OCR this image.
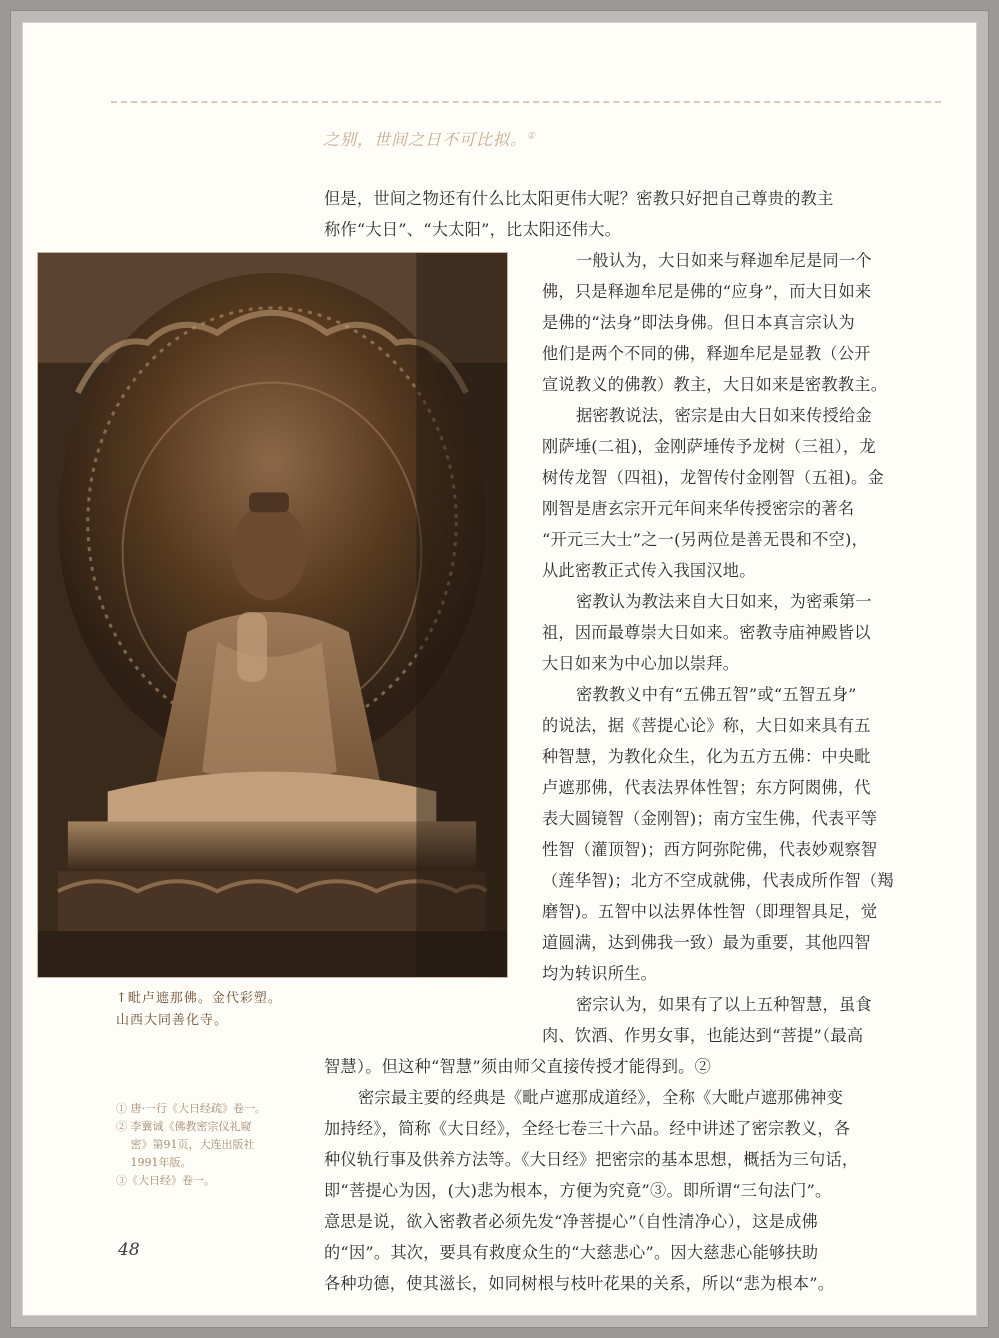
之别，世间之日不可比拟。①
↑毗卢遮那佛。金代彩塑。
山西大同善化寺。
但是，世间之物还有什么比太阳更伟大呢？密教只好把自己尊贵的教主
称作“大日”、“大太阳”，比太阳还伟大。
一般认为，大日如来与释迦牟尼是同一个
佛，只是释迦牟尼是佛的“应身”，而大日如来
是佛的“法身”即法身佛。但日本真言宗认为
他们是两个不同的佛，释迦牟尼是显教（公开
宣说教义的佛教）教主，大日如来是密教教主。
据密教说法，密宗是由大日如来传授给金
刚萨埵(二祖)，金刚萨埵传予龙树（三祖），龙
树传龙智（四祖)，龙智传付金刚智（五祖)。金
刚智是唐玄宗开元年间来华传授密宗的著名
“开元三大士”之一(另两位是善无畏和不空)，
从此密教正式传入我国汉地。
密教认为教法来自大日如来，为密乘第一
祖，因而最尊崇大日如来。密教寺庙神殿皆以
大日如来为中心加以崇拜。
密教教义中有“五佛五智”或“五智五身”
的说法，据《菩提心论》称，大日如来具有五
种智慧，为教化众生，化为五方五佛：中央毗
卢遮那佛，代表法界体性智；东方阿閦佛，代
表大圆镜智（金刚智)；南方宝生佛，代表平等
性智（灌顶智)；西方阿弥陀佛，代表妙观察智
（莲华智)；北方不空成就佛，代表成所作智（羯
磨智)。五智中以法界体性智（即理智具足，觉
道圆满，达到佛我一致）最为重要，其他四智
均为转识所生。
密宗认为，如果有了以上五种智慧，虽食
肉、饮酒、作男女事，也能达到“菩提”（最高
智慧）。但这种“智慧”须由师父直接传授才能得到。②
密宗最主要的经典是《毗卢遮那成道经》，全称《大毗卢遮那佛神变
加持经》，简称《大日经》，全经七卷三十六品。经中讲述了密宗教义，各
种仪轨行事及供养方法等。《大日经》把密宗的基本思想，概括为三句话，
即“菩提心为因，(大)悲为根本，方便为究竟”③。即所谓“三句法门”。
意思是说，欲入密教者必须先发“净菩提心”（自性清净心），这是成佛
的“因”。其次，要具有救度众生的“大慈悲心”。因大慈悲心能够扶助
各种功德，使其滋长，如同树根与枝叶花果的关系，所以“悲为根本”。
① 唐·一行《大日经疏》卷一。
② 李冀诚《佛教密宗仪礼窥
　 密》第91页，大连出版社
　 1991年版。
③《大日经》卷一。
48
